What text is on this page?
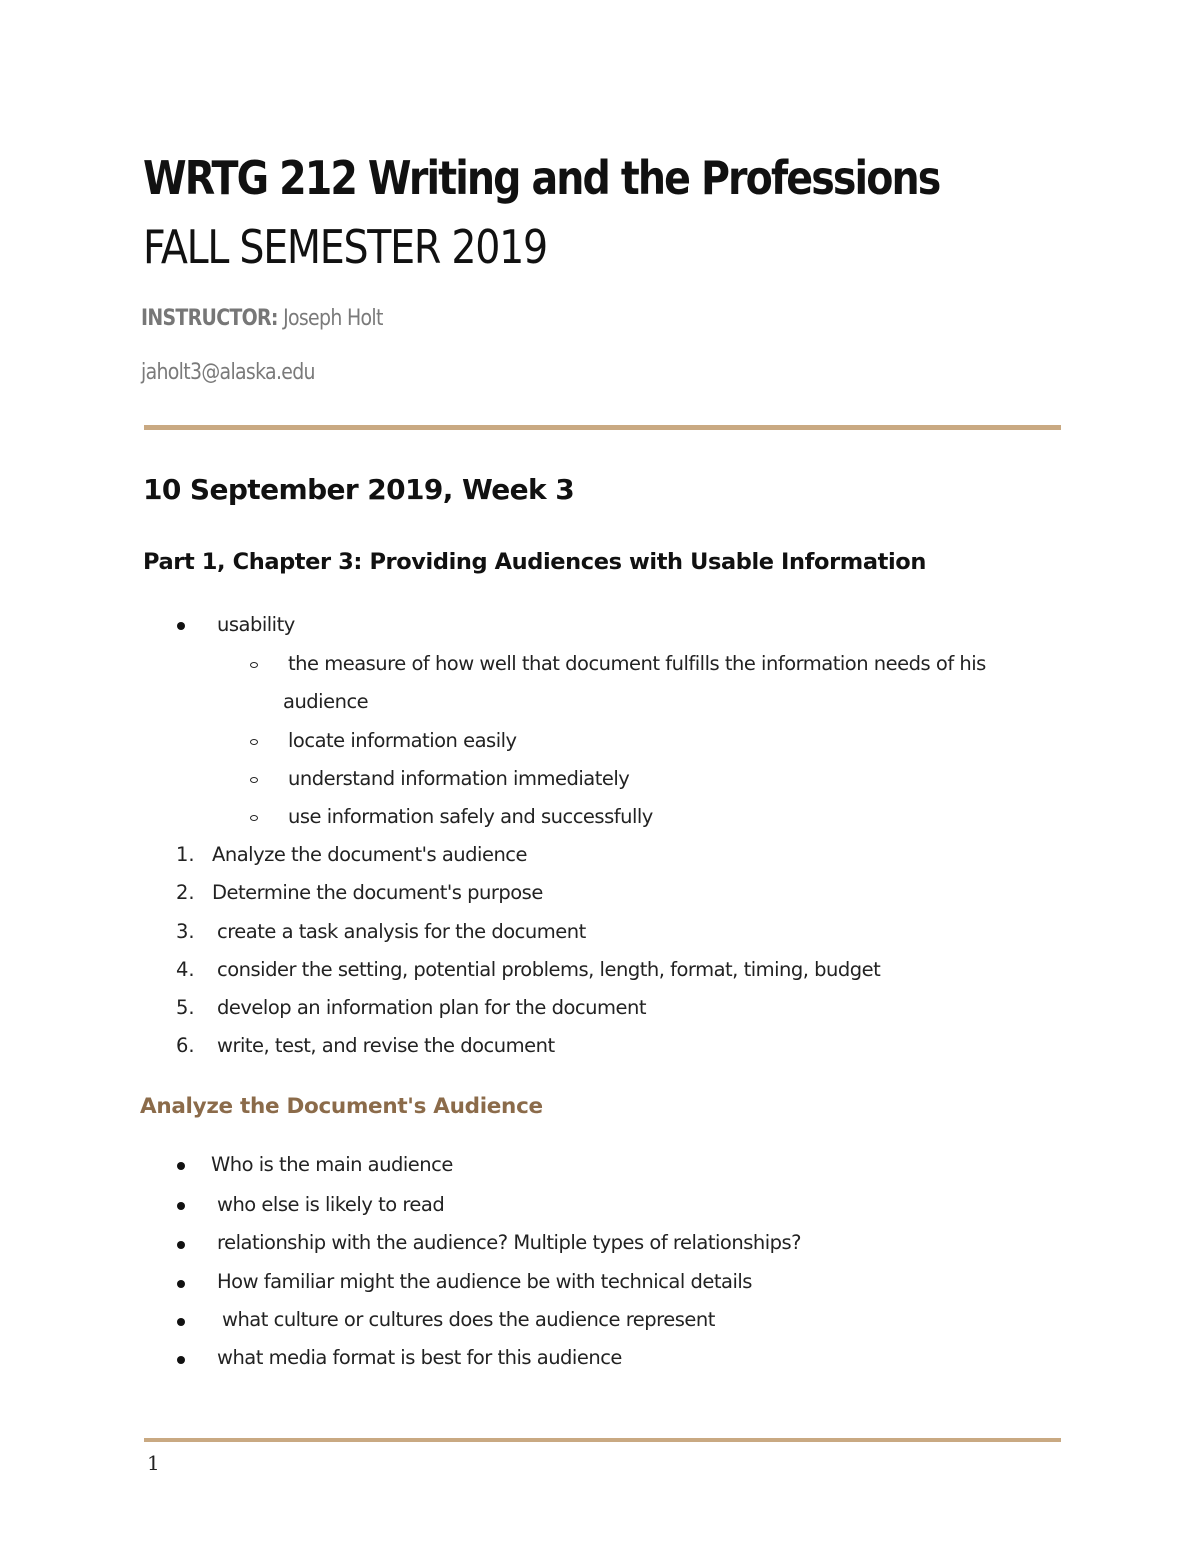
WRTG 212 Writing and the Professions
FALL SEMESTER 2019
INSTRUCTOR: Joseph Holt
jaholt3@alaska.edu
10 September 2019, Week 3
Part 1, Chapter 3: Providing Audiences with Usable Information
usability
the measure of how well that document fulfills the information needs of his
audience
locate information easily
understand information immediately
use information safely and successfully
1. Analyze the document's audience
2. Determine the document's purpose
3. create a task analysis for the document
4. consider the setting, potential problems, length, format, timing, budget
5. develop an information plan for the document
6. write, test, and revise the document
Analyze the Document's Audience
Who is the main audience
who else is likely to read
relationship with the audience? Multiple types of relationships?
How familiar might the audience be with technical details
what culture or cultures does the audience represent
what media format is best for this audience
1
